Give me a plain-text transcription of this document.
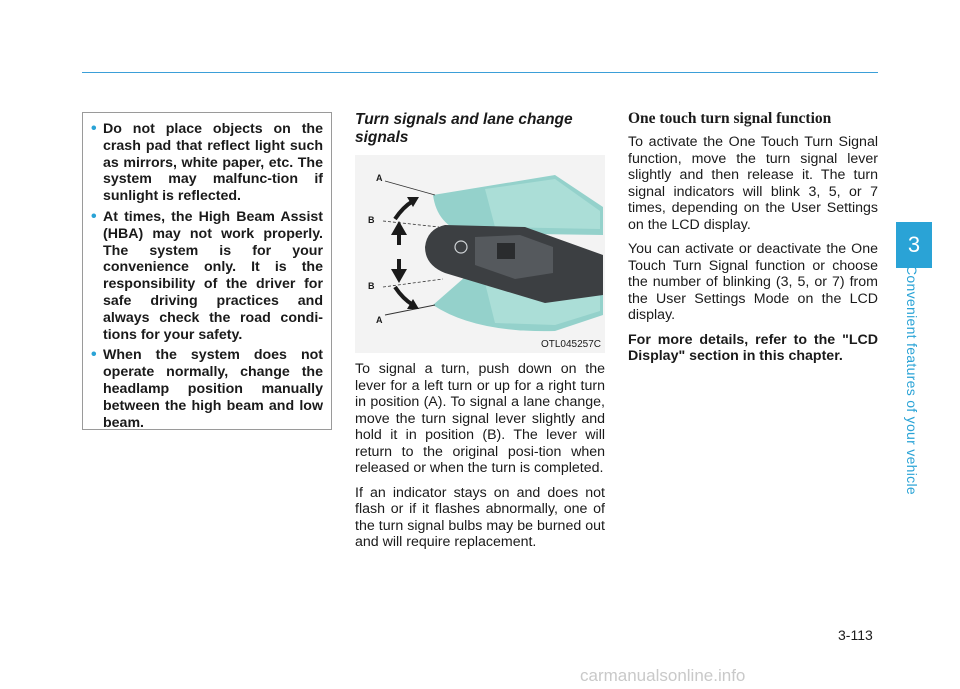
3
Convenient features of your vehicle
• Do not place objects on the crash pad that reflect light such as mirrors, white paper, etc. The system may malfunc-tion if sunlight is reflected.
• At times, the High Beam Assist (HBA) may not work properly. The system is for your convenience only. It is the responsibility of the driver for safe driving practices and always check the road condi-tions for your safety.
• When the system does not operate normally, change the headlamp position manually between the high beam and low beam.
Turn signals and lane change signals
A
B
B
A
OTL045257C

To signal a turn, push down on the lever for a left turn or up for a right turn in position (A). To signal a lane change, move the turn signal lever slightly and hold it in position (B). The lever will return to the original posi-tion when released or when the turn is completed.

If an indicator stays on and does not flash or if it flashes abnormally, one of the turn signal bulbs may be burned out and will require replacement.

One touch turn signal function

To activate the One Touch Turn Signal function, move the turn signal lever slightly and then release it. The turn signal indicators will blink 3, 5, or 7 times, depending on the User Settings on the LCD display.

You can activate or deactivate the One Touch Turn Signal function or choose the number of blinking (3, 5, or 7) from the User Settings Mode on the LCD display.

For more details, refer to the "LCD Display" section in this chapter.

3-113
carmanualsonline.info
